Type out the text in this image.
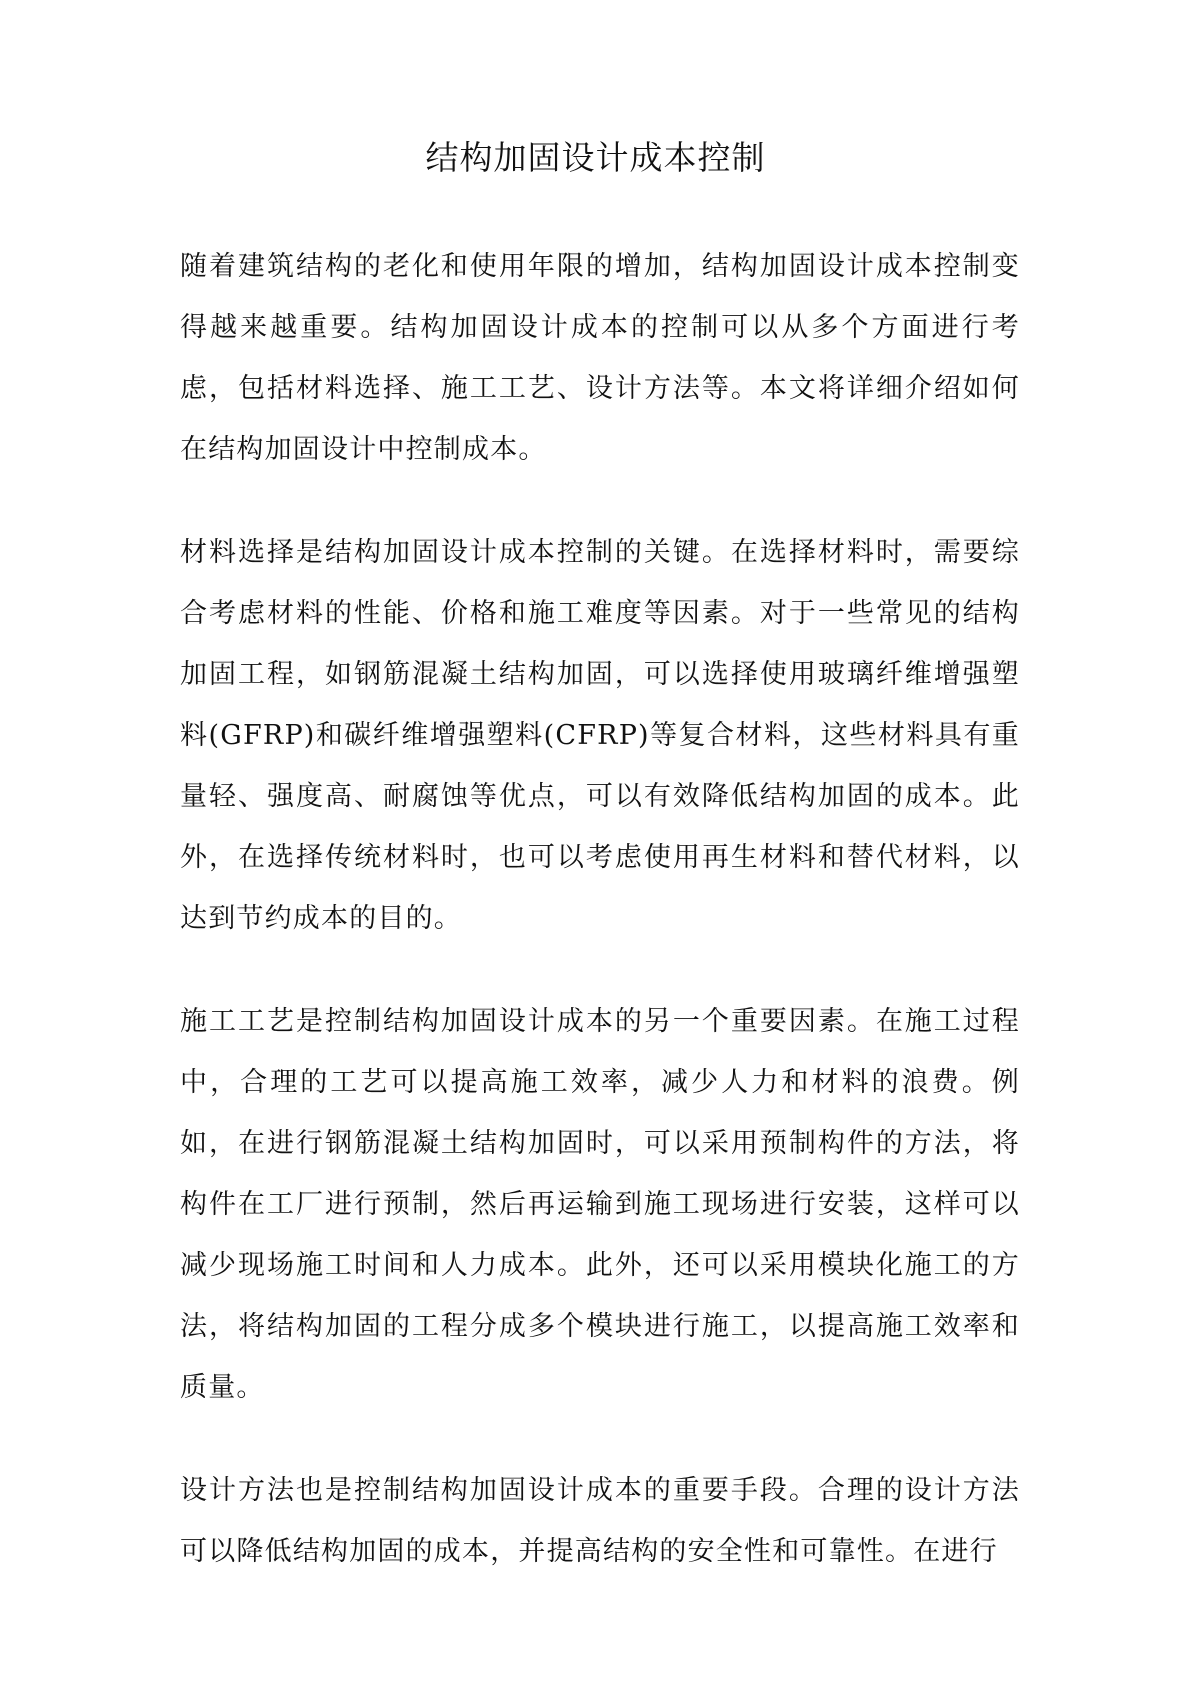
结构加固设计成本控制

随着建筑结构的老化和使用年限的增加，结构加固设计成本控制变得越来越重要。结构加固设计成本的控制可以从多个方面进行考虑，包括材料选择、施工工艺、设计方法等。本文将详细介绍如何在结构加固设计中控制成本。

材料选择是结构加固设计成本控制的关键。在选择材料时，需要综合考虑材料的性能、价格和施工难度等因素。对于一些常见的结构加固工程，如钢筋混凝土结构加固，可以选择使用玻璃纤维增强塑料(GFRP)和碳纤维增强塑料(CFRP)等复合材料，这些材料具有重量轻、强度高、耐腐蚀等优点，可以有效降低结构加固的成本。此外，在选择传统材料时，也可以考虑使用再生材料和替代材料，以达到节约成本的目的。

施工工艺是控制结构加固设计成本的另一个重要因素。在施工过程中，合理的工艺可以提高施工效率，减少人力和材料的浪费。例如，在进行钢筋混凝土结构加固时，可以采用预制构件的方法，将构件在工厂进行预制，然后再运输到施工现场进行安装，这样可以减少现场施工时间和人力成本。此外，还可以采用模块化施工的方法，将结构加固的工程分成多个模块进行施工，以提高施工效率和质量。

设计方法也是控制结构加固设计成本的重要手段。合理的设计方法可以降低结构加固的成本，并提高结构的安全性和可靠性。在进行
